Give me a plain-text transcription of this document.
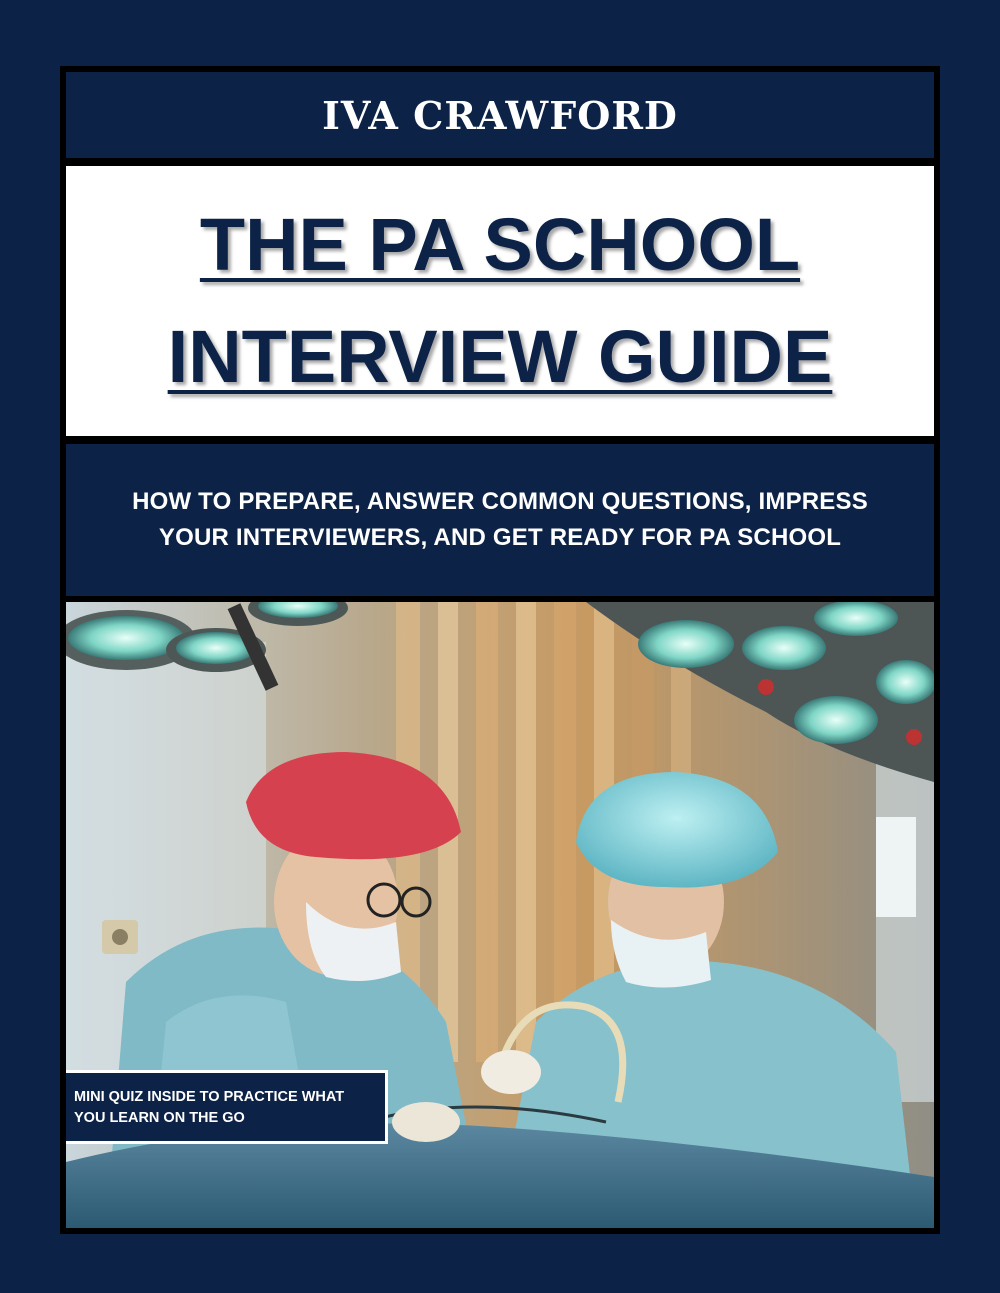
IVA CRAWFORD
THE PA SCHOOL
INTERVIEW GUIDE
HOW TO PREPARE, ANSWER COMMON QUESTIONS, IMPRESS
YOUR INTERVIEWERS, AND GET READY FOR PA SCHOOL
MINI QUIZ INSIDE TO PRACTICE WHAT
YOU LEARN ON THE GO
